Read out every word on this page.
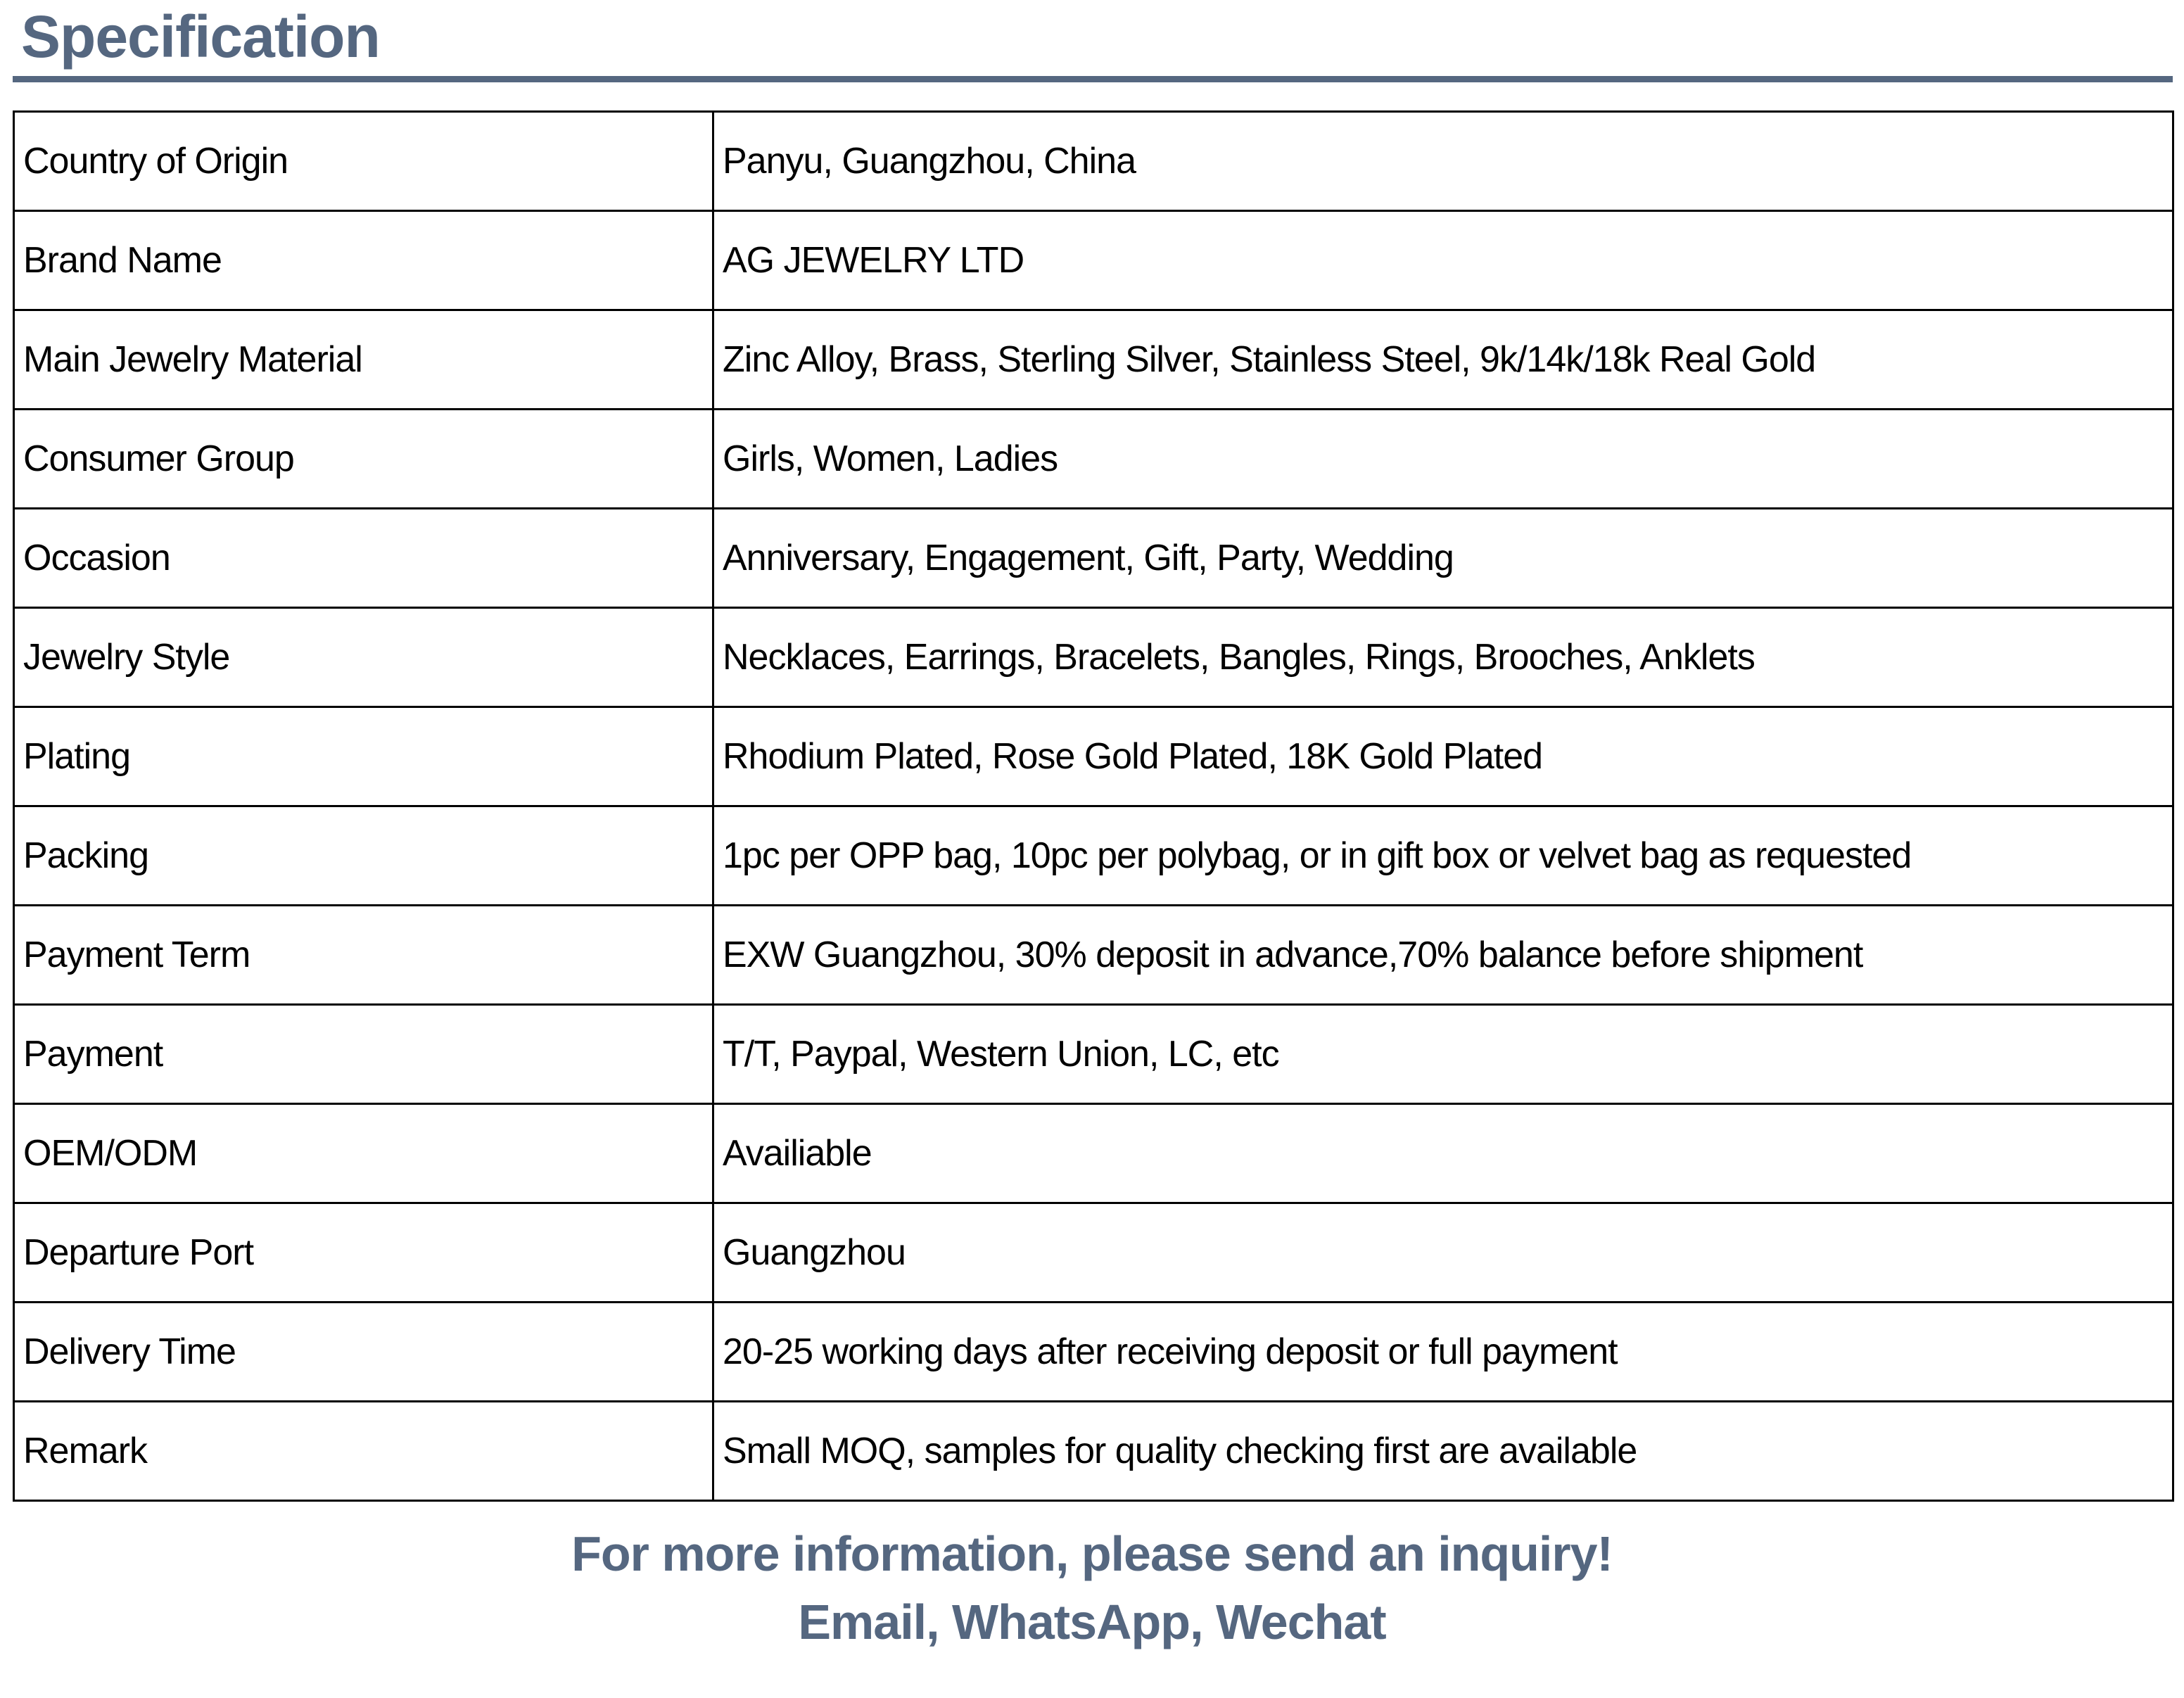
Specification
Country of Origin	Panyu, Guangzhou, China
Brand Name	AG JEWELRY LTD
Main Jewelry Material	Zinc Alloy, Brass, Sterling Silver, Stainless Steel, 9k/14k/18k Real Gold
Consumer Group	Girls, Women, Ladies
Occasion	Anniversary, Engagement, Gift, Party, Wedding
Jewelry Style	Necklaces, Earrings, Bracelets, Bangles, Rings, Brooches, Anklets
Plating	Rhodium Plated, Rose Gold Plated, 18K Gold Plated
Packing	1pc per OPP bag, 10pc per polybag, or in gift box or velvet bag as requested
Payment Term	EXW Guangzhou, 30% deposit in advance,70% balance before shipment
Payment	T/T, Paypal, Western Union, LC, etc
OEM/ODM	Availiable
Departure Port	Guangzhou
Delivery Time	20-25 working days after receiving deposit or full payment
Remark	Small MOQ, samples for quality checking first are available
For more information, please send an inquiry!
Email, WhatsApp, Wechat
